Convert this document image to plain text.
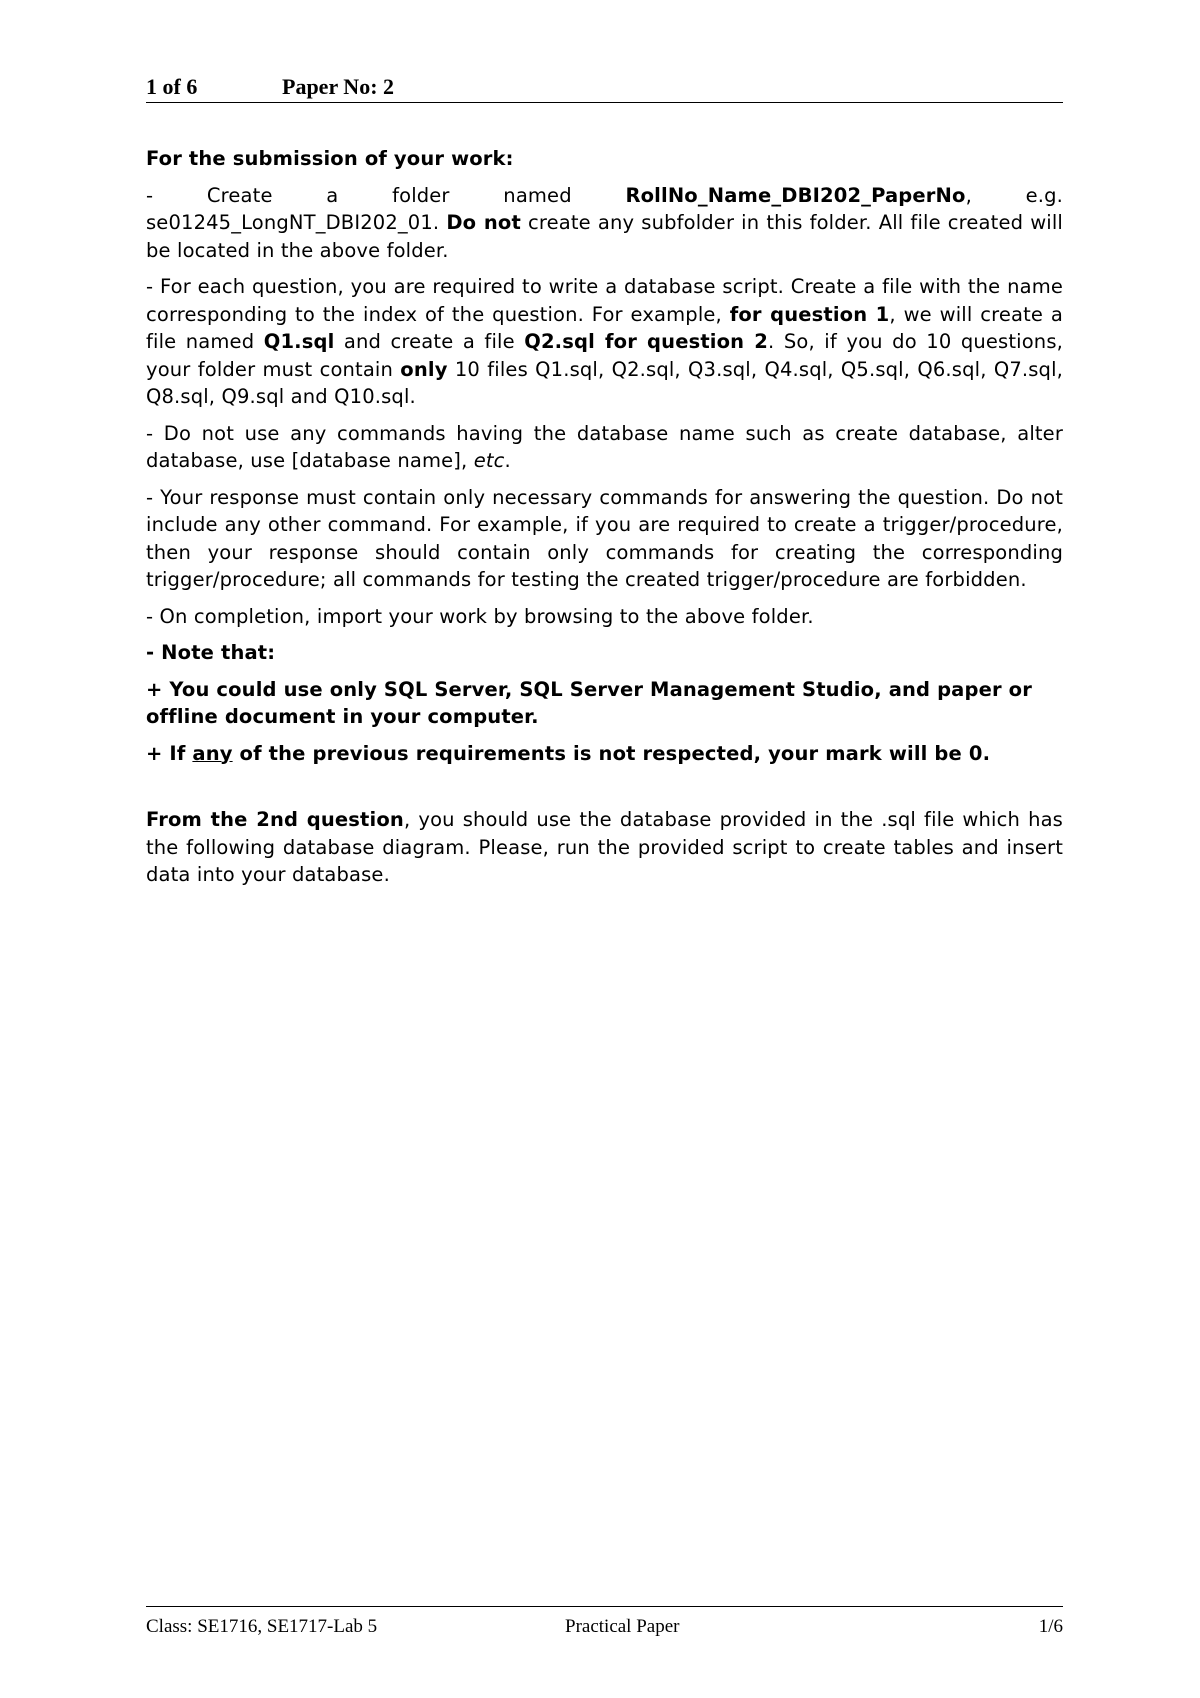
1 of 6	Paper No: 2

For the submission of your work:

- Create a folder named RollNo_Name_DBI202_PaperNo, e.g. se01245_LongNT_DBI202_01. Do not create any subfolder in this folder. All file created will be located in the above folder.

- For each question, you are required to write a database script. Create a file with the name corresponding to the index of the question. For example, for question 1, we will create a file named Q1.sql and create a file Q2.sql for question 2. So, if you do 10 questions, your folder must contain only 10 files Q1.sql, Q2.sql, Q3.sql, Q4.sql, Q5.sql, Q6.sql, Q7.sql, Q8.sql, Q9.sql and Q10.sql.

- Do not use any commands having the database name such as create database, alter database, use [database name], etc.

- Your response must contain only necessary commands for answering the question. Do not include any other command. For example, if you are required to create a trigger/procedure, then your response should contain only commands for creating the corresponding trigger/procedure; all commands for testing the created trigger/procedure are forbidden.

- On completion, import your work by browsing to the above folder.

- Note that:

+ You could use only SQL Server, SQL Server Management Studio, and paper or offline document in your computer.

+ If any of the previous requirements is not respected, your mark will be 0.

From the 2nd question, you should use the database provided in the .sql file which has the following database diagram. Please, run the provided script to create tables and insert data into your database.

Class: SE1716, SE1717-Lab 5	Practical Paper	1/6
